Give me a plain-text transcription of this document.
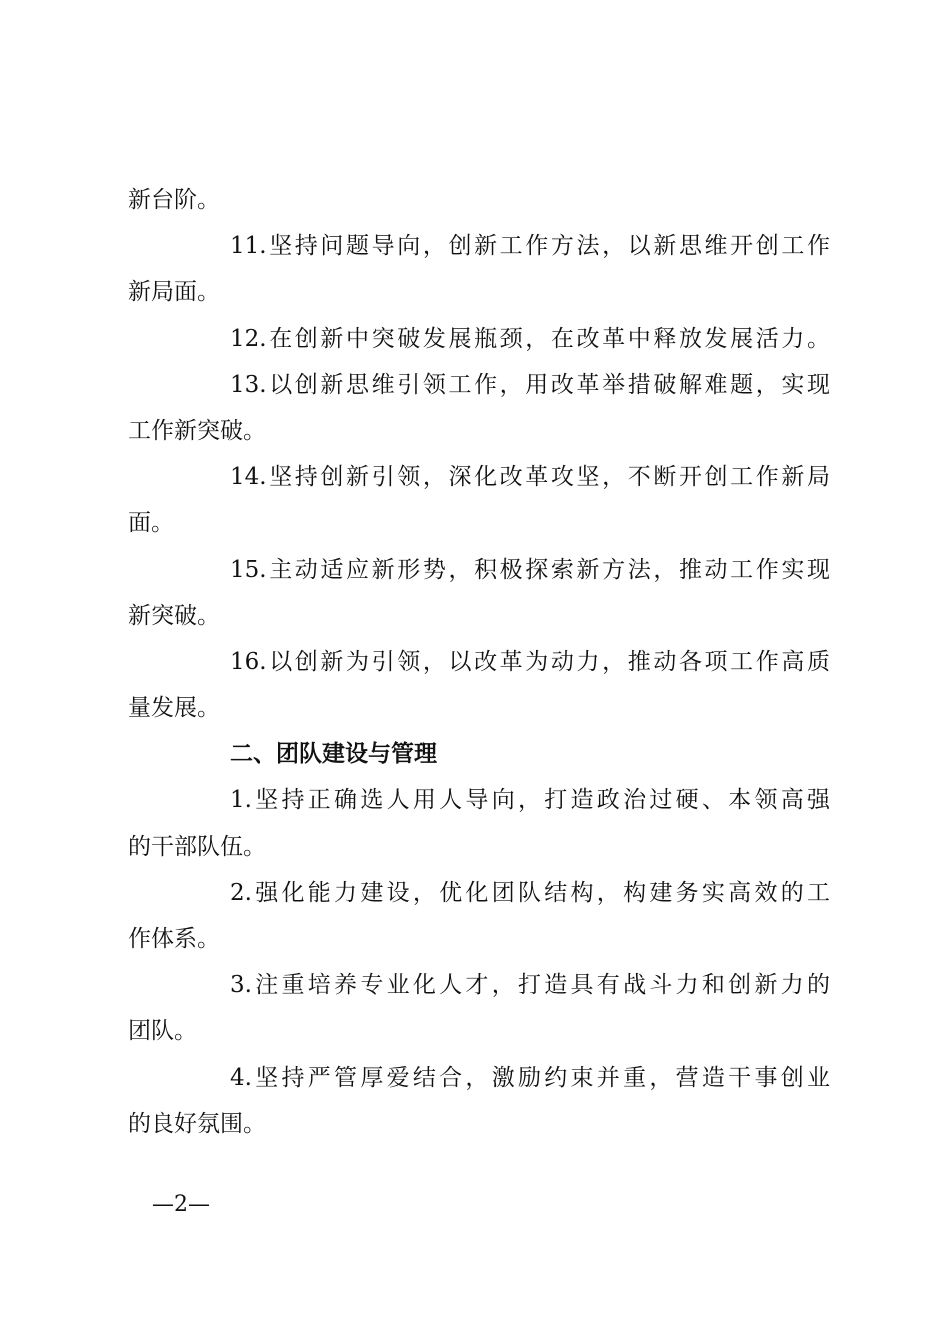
新台阶。
11.坚持问题导向，创新工作方法，以新思维开创工作
新局面。
12.在创新中突破发展瓶颈，在改革中释放发展活力。
13.以创新思维引领工作，用改革举措破解难题，实现
工作新突破。
14.坚持创新引领，深化改革攻坚，不断开创工作新局
面。
15.主动适应新形势，积极探索新方法，推动工作实现
新突破。
16.以创新为引领，以改革为动力，推动各项工作高质
量发展。
二、团队建设与管理
1.坚持正确选人用人导向，打造政治过硬、本领高强
的干部队伍。
2.强化能力建设，优化团队结构，构建务实高效的工
作体系。
3.注重培养专业化人才，打造具有战斗力和创新力的
团队。
4.坚持严管厚爱结合，激励约束并重，营造干事创业
的良好氛围。
—2—
